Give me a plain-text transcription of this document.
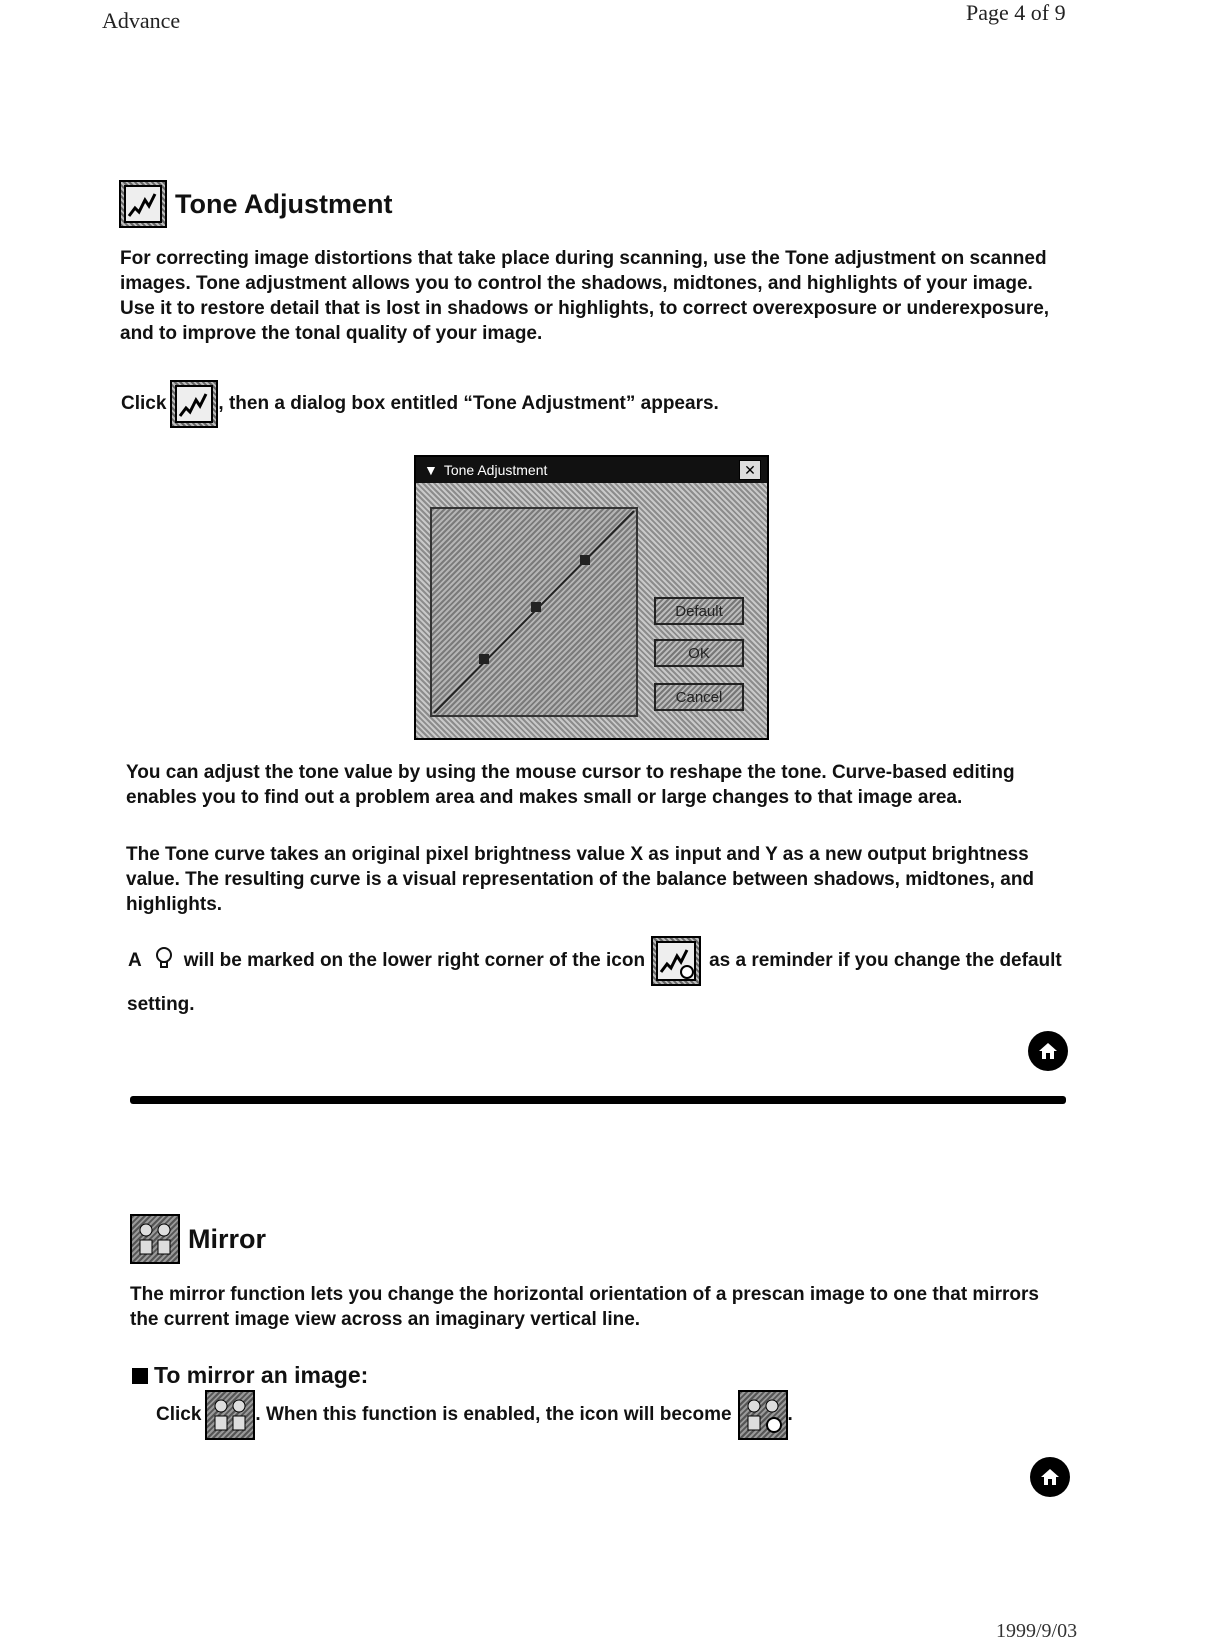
Advance	Page 4 of 9
Tone Adjustment
For correcting image distortions that take place during scanning, use the Tone adjustment on scanned images. Tone adjustment allows you to control the shadows, midtones, and highlights of your image. Use it to restore detail that is lost in shadows or highlights, to correct overexposure or underexposure, and to improve the tonal quality of your image.
Click	, then a dialog box entitled “Tone Adjustment” appears.
▼ Tone Adjustment	✕
Default
OK
Cancel
You can adjust the tone value by using the mouse cursor to reshape the tone. Curve-based editing enables you to find out a problem area and makes small or large changes to that image area.
The Tone curve takes an original pixel brightness value X as input and Y as a new output brightness value. The resulting curve is a visual representation of the balance between shadows, midtones, and highlights.
A will be marked on the lower right corner of the icon	as a reminder if you change the default
setting.
Mirror
The mirror function lets you change the horizontal orientation of a prescan image to one that mirrors the current image view across an imaginary vertical line.
To mirror an image:
Click	. When this function is enabled, the icon will become	.
1999/9/03
